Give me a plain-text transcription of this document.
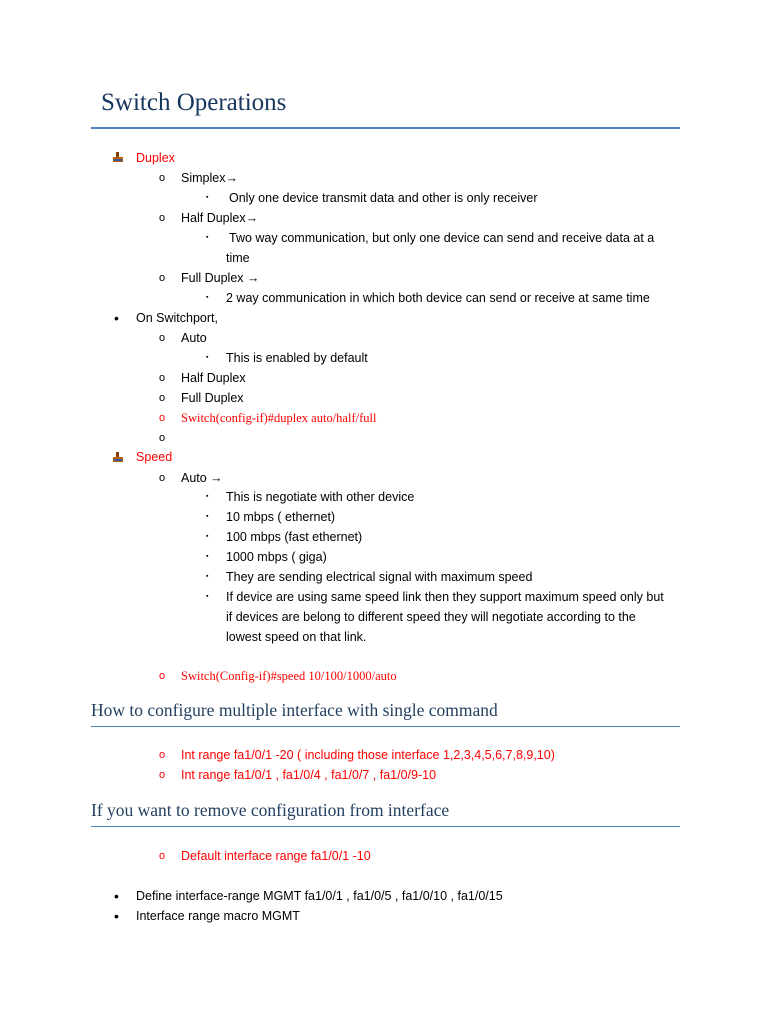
Switch Operations
Duplex
o Simplex→
▪ Only one device transmit data and other is only receiver
o Half Duplex→
▪ Two way communication, but only one device can send and receive data at a
time
o Full Duplex →
▪ 2 way communication in which both device can send or receive at same time
• On Switchport,
o Auto
▪ This is enabled by default
o Half Duplex
o Full Duplex
o Switch(config-if)#duplex auto/half/full
o
Speed
o Auto →
▪ This is negotiate with other device
▪ 10 mbps ( ethernet)
▪ 100 mbps (fast ethernet)
▪ 1000 mbps ( giga)
▪ They are sending electrical signal with maximum speed
▪ If device are using same speed link then they support maximum speed only but
if devices are belong to different speed they will negotiate according to the
lowest speed on that link.
o Switch(Config-if)#speed 10/100/1000/auto
How to configure multiple interface with single command
o Int range fa1/0/1 -20 ( including those interface 1,2,3,4,5,6,7,8,9,10)
o Int range fa1/0/1 , fa1/0/4 , fa1/0/7 , fa1/0/9-10
If you want to remove configuration from interface
o Default interface range fa1/0/1 -10
• Define interface-range MGMT fa1/0/1 , fa1/0/5 , fa1/0/10 , fa1/0/15
• Interface range macro MGMT
